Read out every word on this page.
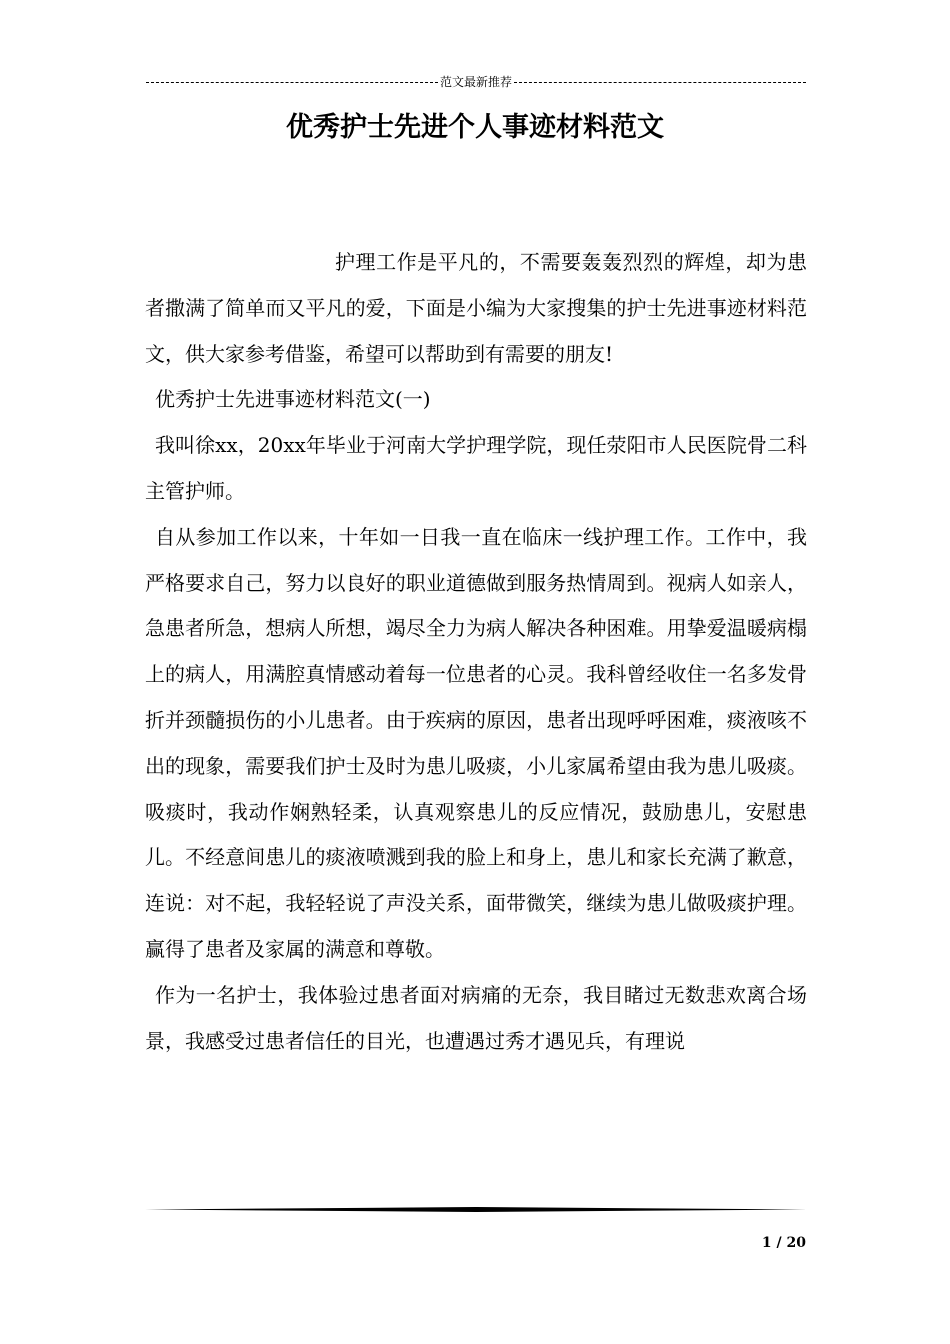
范文最新推荐
优秀护士先进个人事迹材料范文

护理工作是平凡的，不需要轰轰烈烈的辉煌，却为患者撒满了简单而又平凡的爱，下面是小编为大家搜集的护士先进事迹材料范文，供大家参考借鉴，希望可以帮助到有需要的朋友!

优秀护士先进事迹材料范文(一)

我叫徐xx，20xx年毕业于河南大学护理学院，现任荥阳市人民医院骨二科主管护师。

自从参加工作以来，十年如一日我一直在临床一线护理工作。工作中，我严格要求自己，努力以良好的职业道德做到服务热情周到。视病人如亲人，急患者所急，想病人所想，竭尽全力为病人解决各种困难。用挚爱温暖病榻上的病人，用满腔真情感动着每一位患者的心灵。我科曾经收住一名多发骨折并颈髓损伤的小儿患者。由于疾病的原因，患者出现呼呼困难，痰液咳不出的现象，需要我们护士及时为患儿吸痰，小儿家属希望由我为患儿吸痰。吸痰时，我动作娴熟轻柔，认真观察患儿的反应情况，鼓励患儿，安慰患儿。不经意间患儿的痰液喷溅到我的脸上和身上，患儿和家长充满了歉意，连说：对不起，我轻轻说了声没关系，面带微笑，继续为患儿做吸痰护理。赢得了患者及家属的满意和尊敬。

作为一名护士，我体验过患者面对病痛的无奈，我目睹过无数悲欢离合场景，我感受过患者信任的目光，也遭遇过秀才遇见兵，有理说

1 / 20
